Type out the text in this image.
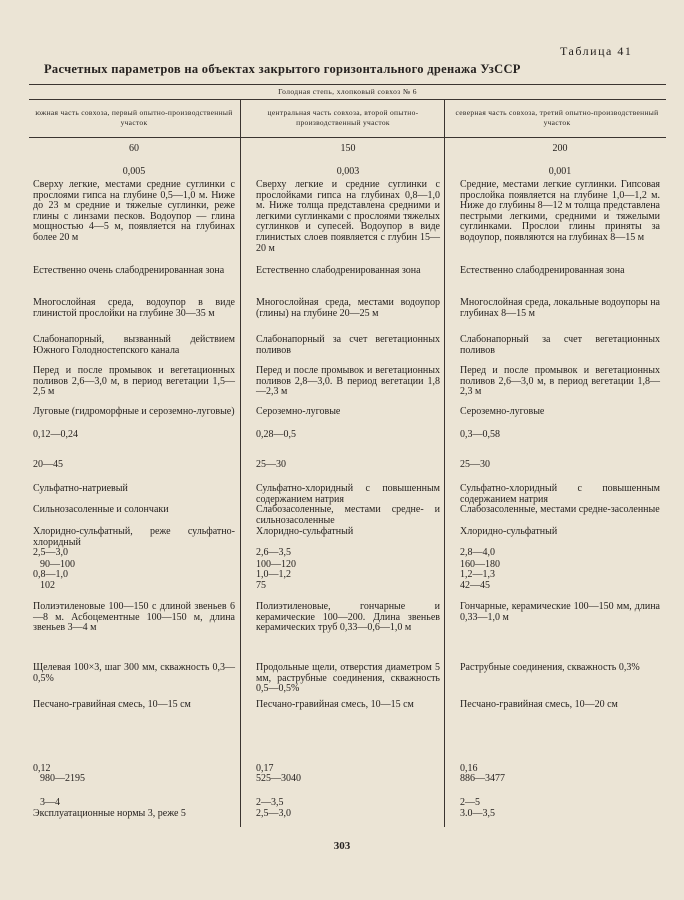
Таблица 41
Расчетных параметров на объектах закрытого горизонтального дренажа УзССР
Голодная степь, хлопковый совхоз № 6
южная часть совхоза, первый опытно-производственный участок
центральная часть совхоза, второй опытно-производственный участок
северная часть совхоза, третий опытно-производственный участок
60
0,005
Сверху легкие, местами средние суглинки с прослоями гипса на глубине 0,5—1,0 м. Ниже до 23 м средние и тяжелые суглинки, реже глины с линзами песков. Водоупор — глина мощностью 4—5 м, появляется на глубинах более 20 м
Естественно очень слабодренированная зона
Многослойная среда, водоупор в виде глинистой прослойки на глубине 30—35 м
Слабонапорный, вызванный действием Южного Голодностепского канала
Перед и после промывок и вегетационных поливов 2,6—3,0 м, в период вегетации 1,5—2,5 м
Луговые (гидроморфные и сероземно-луговые)
0,12—0,24
20—45
Сульфатно-натриевый
Сильнозасоленные и солончаки
Хлоридно-сульфатный, реже сульфатно-хлоридный
2,5—3,0
90—100
0,8—1,0
102
Полиэтиленовые 100—150 с длиной звеньев 6—8 м. Асбоцементные 100—150 м, длина звеньев 3—4 м
Щелевая 100×3, шаг 300 мм, скважность 0,3—0,5%
Песчано-гравийная смесь, 10—15 см
0,12
980—2195
3—4
Эксплуатационные нормы 3, реже 5
150
0,003
Сверху легкие и средние суглинки с прослойками гипса на глубинах 0,8—1,0 м. Ниже толща представлена средними и легкими суглинками с прослоями тяжелых суглинков и супесей. Водоупор в виде глинистых слоев появляется с глубин 15—20 м
Естественно слабодренированная зона
Многослойная среда, местами водоупор (глины) на глубине 20—25 м
Слабонапорный за счет вегетационных поливов
Перед и после промывок и вегетационных поливов 2,8—3,0. В период вегетации 1,8—2,3 м
Сероземно-луговые
0,28—0,5
25—30
Сульфатно-хлоридный с повышенным содержанием натрия
Слабозасоленные, местами средне- и сильнозасоленные
Хлоридно-сульфатный
2,6—3,5
100—120
1,0—1,2
75
Полиэтиленовые, гончарные и керамические 100—200. Длина звеньев керамических труб 0,33—0,6—1,0 м
Продольные щели, отверстия диаметром 5 мм, раструбные соединения, скважность 0,5—0,5%
Песчано-гравийная смесь, 10—15 см
0,17
525—3040
2—3,5
2,5—3,0
200
0,001
Средние, местами легкие суглинки. Гипсовая прослойка появляется на глубине 1,0—1,2 м. Ниже до глубины 8—12 м толща представлена пестрыми легкими, средними и тяжелыми суглинками. Прослои глины приняты за водоупор, появляются на глубинах 8—15 м
Естественно слабодренированная зона
Многослойная среда, локальные водоупоры на глубинах 8—15 м
Слабонапорный за счет вегетационных поливов
Перед и после промывок и вегетационных поливов 2,6—3,0 м, в период вегетации 1,8—2,3 м
Сероземно-луговые
0,3—0,58
25—30
Сульфатно-хлоридный с повышенным содержанием натрия
Слабозасоленные, местами средне-засоленные
Хлоридно-сульфатный
2,8—4,0
160—180
1,2—1,3
42—45
Гончарные, керамические 100—150 мм, длина 0,33—1,0 м
Раструбные соединения, скважность 0,3%
Песчано-гравийная смесь, 10—20 см
0,16
886—3477
2—5
3.0—3,5
303
